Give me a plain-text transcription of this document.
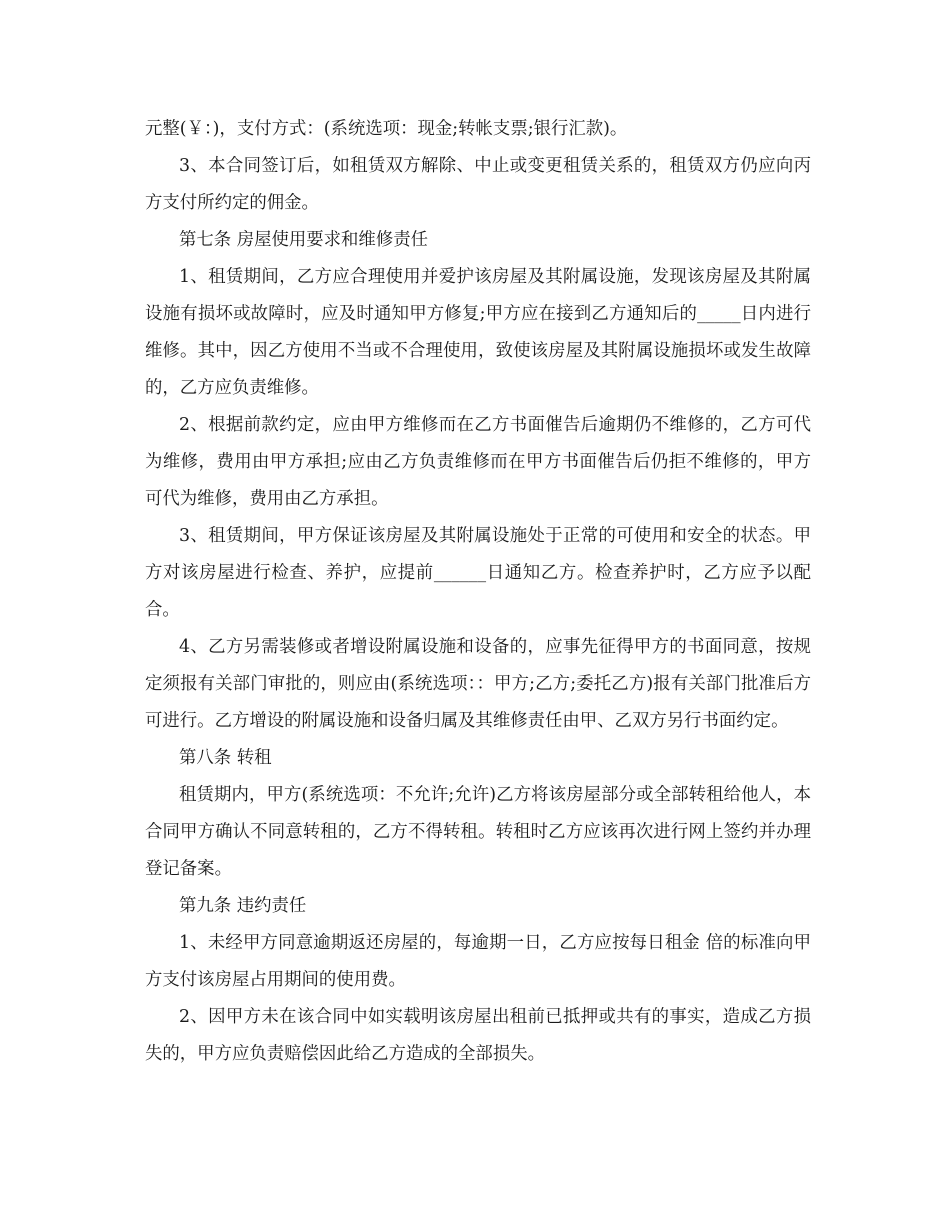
元整(￥：)，支付方式：(系统选项：现金;转帐支票;银行汇款)。

3、本合同签订后，如租赁双方解除、中止或变更租赁关系的，租赁双方仍应向丙方支付所约定的佣金。

第七条 房屋使用要求和维修责任

1、租赁期间，乙方应合理使用并爱护该房屋及其附属设施，发现该房屋及其附属设施有损坏或故障时，应及时通知甲方修复;甲方应在接到乙方通知后的_____日内进行维修。其中，因乙方使用不当或不合理使用，致使该房屋及其附属设施损坏或发生故障的，乙方应负责维修。

2、根据前款约定，应由甲方维修而在乙方书面催告后逾期仍不维修的，乙方可代为维修，费用由甲方承担;应由乙方负责维修而在甲方书面催告后仍拒不维修的，甲方可代为维修，费用由乙方承担。

3、租赁期间，甲方保证该房屋及其附属设施处于正常的可使用和安全的状态。甲方对该房屋进行检查、养护，应提前______日通知乙方。检查养护时，乙方应予以配合。

4、乙方另需装修或者增设附属设施和设备的，应事先征得甲方的书面同意，按规定须报有关部门审批的，则应由(系统选项：：甲方;乙方;委托乙方)报有关部门批准后方可进行。乙方增设的附属设施和设备归属及其维修责任由甲、乙双方另行书面约定。

第八条 转租

租赁期内，甲方(系统选项：不允许;允许)乙方将该房屋部分或全部转租给他人，本合同甲方确认不同意转租的，乙方不得转租。转租时乙方应该再次进行网上签约并办理登记备案。

第九条 违约责任

1、未经甲方同意逾期返还房屋的，每逾期一日，乙方应按每日租金 倍的标准向甲方支付该房屋占用期间的使用费。

2、因甲方未在该合同中如实载明该房屋出租前已抵押或共有的事实，造成乙方损失的，甲方应负责赔偿因此给乙方造成的全部损失。
